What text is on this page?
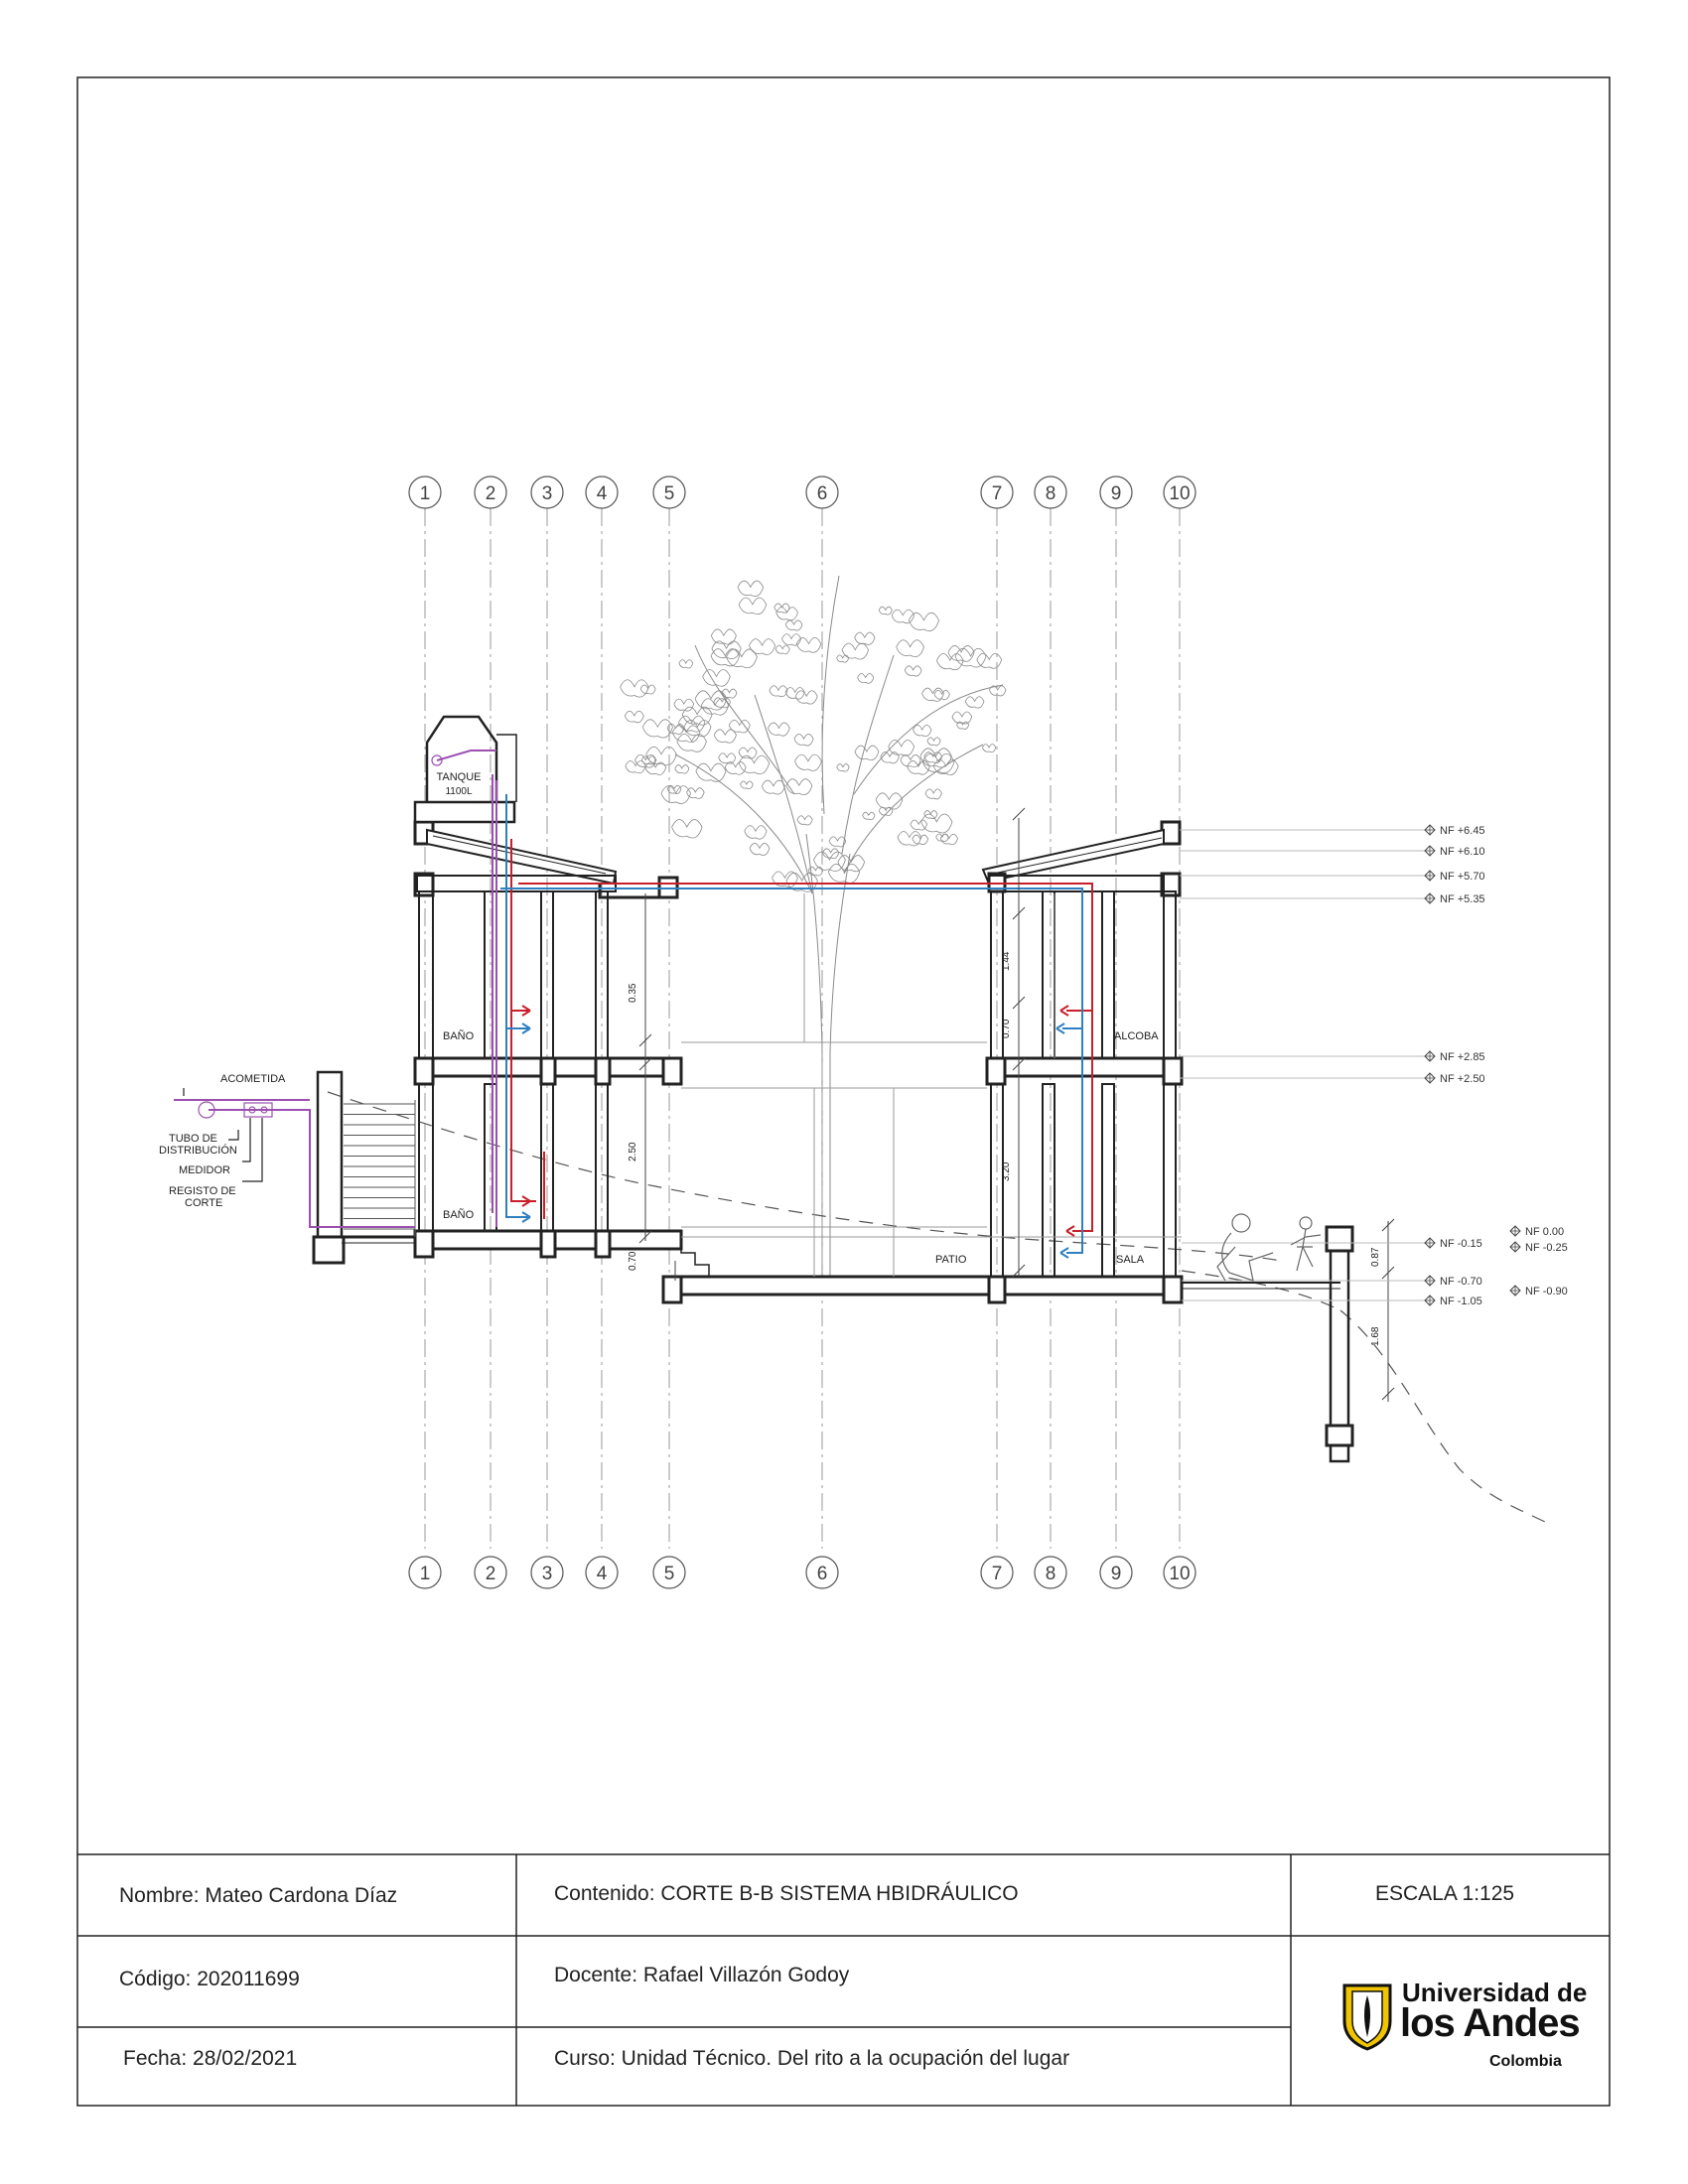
1
1
2
2
3
3
4
4
5
5
6
6
7
7
8
8
9
9
10
10
NF +6.45
NF +6.10
NF +5.70
NF +5.35
NF +2.85
NF +2.50
NF -0.15
NF 0.00
NF -0.25
NF -0.70
NF -0.90
NF -1.05
TANQUE
1100L
BAÑO
BAÑO
ALCOBA
PATIO	SALA
ACOMETIDA
TUBO DE
DISTRIBUCIÓN
MEDIDOR
REGISTO DE
CORTE
0.35
2.50
0.70
1.44
0.70
3.20
0.87
1.68
Nombre: Mateo Cardona Díaz	Contenido: CORTE B-B SISTEMA HBIDRÁULICO	ESCALA 1:125
Código: 202011699	Docente: Rafael Villazón Godoy
Fecha: 28/02/2021	Curso: Unidad Técnico. Del rito a la ocupación del lugar
Universidad de
los Andes
Colombia
